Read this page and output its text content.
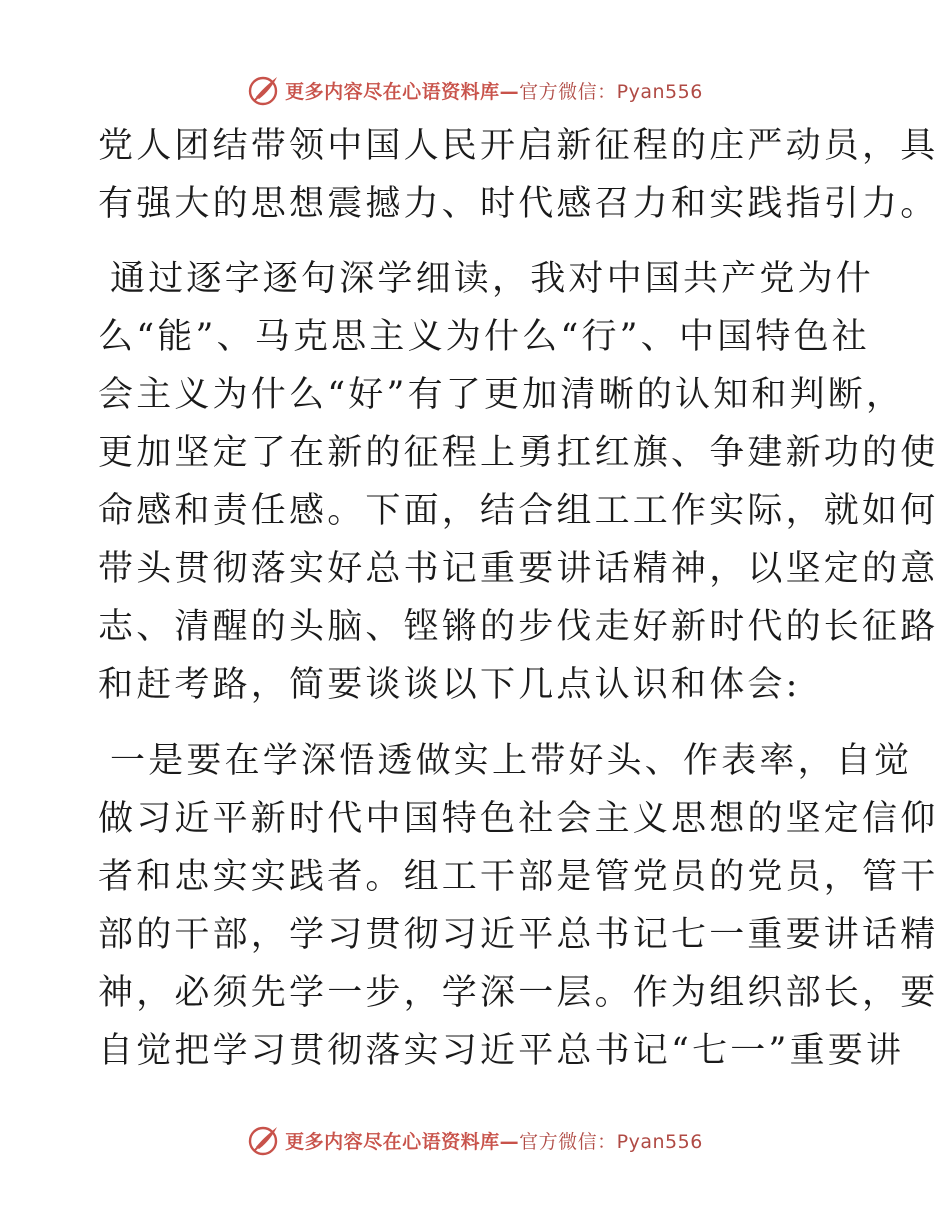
更多内容尽在心语资料库—官方微信：Pyan556
党人团结带领中国人民开启新征程的庄严动员，具
有强大的思想震撼力、时代感召力和实践指引力。
通过逐字逐句深学细读，我对中国共产党为什
么“能”、马克思主义为什么“行”、中国特色社
会主义为什么“好”有了更加清晰的认知和判断，
更加坚定了在新的征程上勇扛红旗、争建新功的使
命感和责任感。下面，结合组工工作实际，就如何
带头贯彻落实好总书记重要讲话精神，以坚定的意
志、清醒的头脑、铿锵的步伐走好新时代的长征路
和赶考路，简要谈谈以下几点认识和体会:
一是要在学深悟透做实上带好头、作表率，自觉
做习近平新时代中国特色社会主义思想的坚定信仰
者和忠实实践者。组工干部是管党员的党员，管干
部的干部，学习贯彻习近平总书记七一重要讲话精
神，必须先学一步，学深一层。作为组织部长，要
自觉把学习贯彻落实习近平总书记“七一”重要讲
更多内容尽在心语资料库—官方微信：Pyan556
